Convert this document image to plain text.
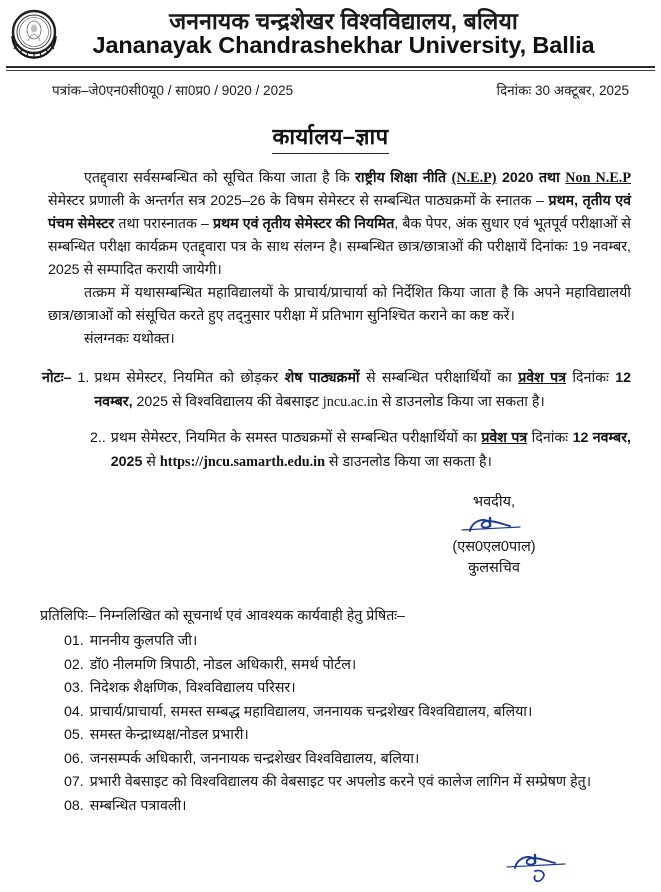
जननायक चन्द्रशेखर विश्वविद्यालय, बलिया
Jananayak Chandrashekhar University, Ballia
पत्रांक–जे0एन0सी0यू0 / सा0प्र0 / 9020 / 2025	दिनांकः 30 अक्टूबर, 2025
कार्यालय–ज्ञाप

एतद्द्वारा सर्वसम्बन्धित को सूचित किया जाता है कि राष्ट्रीय शिक्षा नीति (N.E.P) 2020 तथा Non N.E.P सेमेस्टर प्रणाली के अन्तर्गत सत्र 2025–26 के विषम सेमेस्टर से सम्बन्धित पाठ्यक्रमों के स्नातक – प्रथम, तृतीय एवं पंचम सेमेस्टर तथा परास्नातक – प्रथम एवं तृतीय सेमेस्टर की नियमित, बैक पेपर, अंक सुधार एवं भूतपूर्व परीक्षाओं से सम्बन्धित परीक्षा कार्यक्रम एतद्द्वारा पत्र के साथ संलग्न है। सम्बन्धित छात्र/छात्राओं की परीक्षायें दिनांकः 19 नवम्बर, 2025 से सम्पादित करायी जायेगी।

तत्क्रम में यथासम्बन्धित महाविद्यालयों के प्राचार्य/प्राचार्या को निर्देशित किया जाता है कि अपने महाविद्यालयी छात्र/छात्राओं को संसूचित करते हुए तद्नुसार परीक्षा में प्रतिभाग सुनिश्चित कराने का कष्ट करें।

संलग्नकः यथोक्त।

नोटः– 1. प्रथम सेमेस्टर, नियमित को छोड़कर शेष पाठ्यक्रमों से सम्बन्धित परीक्षार्थियों का प्रवेश पत्र दिनांकः 12 नवम्बर, 2025 से विश्वविद्यालय की वेबसाइट jncu.ac.in से डाउनलोड किया जा सकता है।
2.. प्रथम सेमेस्टर, नियमित के समस्त पाठ्यक्रमों से सम्बन्धित परीक्षार्थियों का प्रवेश पत्र दिनांकः 12 नवम्बर, 2025 से https://jncu.samarth.edu.in से डाउनलोड किया जा सकता है।
भवदीय,
(एस0एल0पाल)
कुलसचिव
प्रतिलिपिः– निम्नलिखित को सूचनार्थ एवं आवश्यक कार्यवाही हेतु प्रेषितः–
01. माननीय कुलपति जी।
02. डॉ0 नीलमणि त्रिपाठी, नोडल अधिकारी, समर्थ पोर्टल।
03. निदेशक शैक्षणिक, विश्वविद्यालय परिसर।
04. प्राचार्य/प्राचार्या, समस्त सम्बद्ध महाविद्यालय, जननायक चन्द्रशेखर विश्वविद्यालय, बलिया।
05. समस्त केन्द्राध्यक्ष/नोडल प्रभारी।
06. जनसम्पर्क अधिकारी, जननायक चन्द्रशेखर विश्वविद्यालय, बलिया।
07. प्रभारी वेबसाइट को विश्वविद्यालय की वेबसाइट पर अपलोड करने एवं कालेज लागिन में सम्प्रेषण हेतु।
08. सम्बन्धित पत्रावली।
